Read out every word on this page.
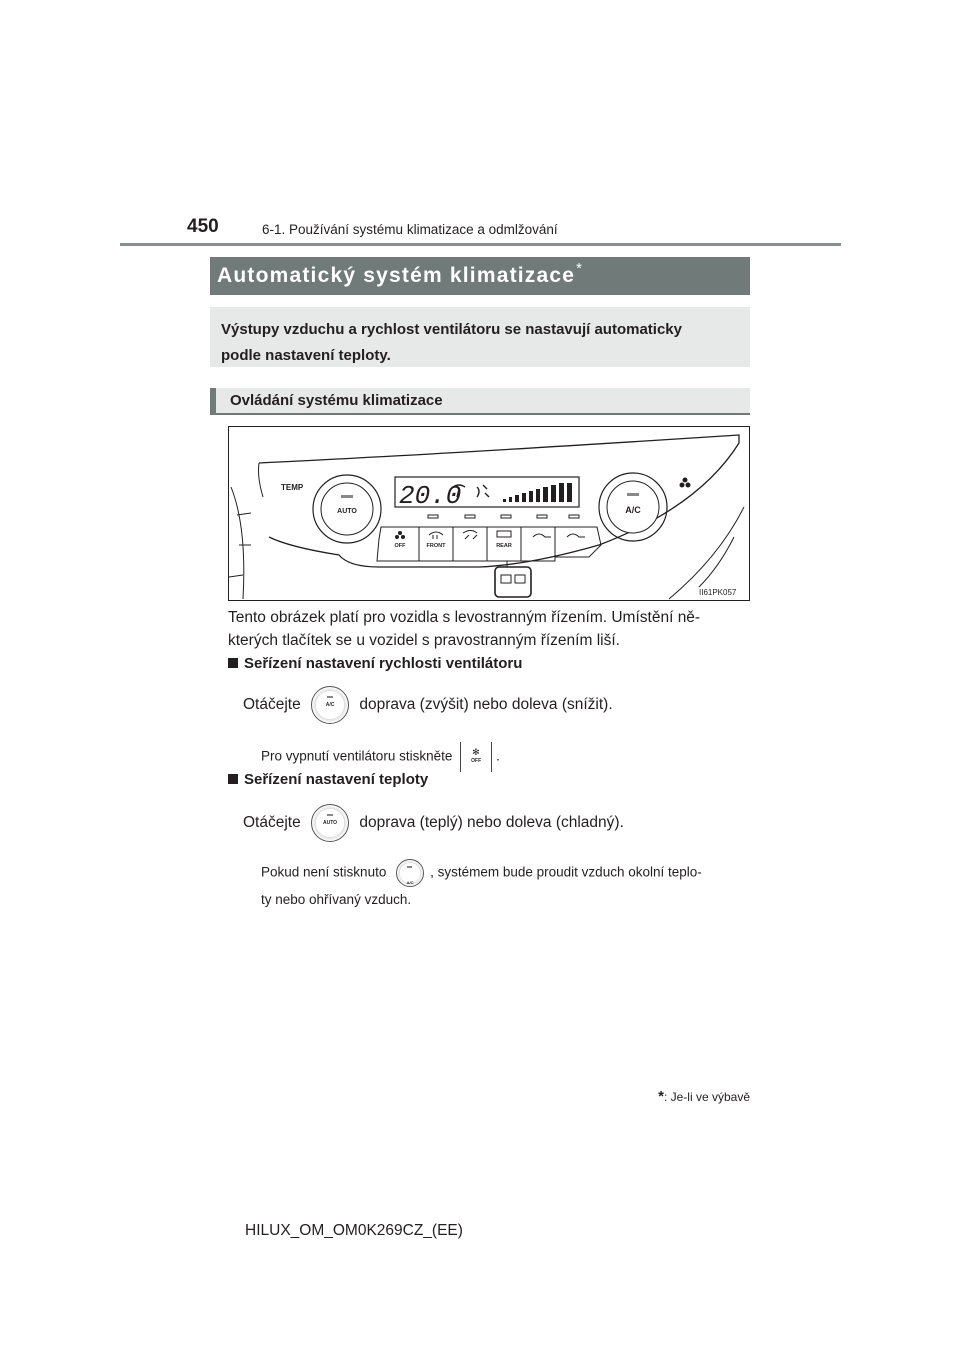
450	6-1. Používání systému klimatizace a odmlžování
Automatický systém klimatizace*
Výstupy vzduchu a rychlost ventilátoru se nastavují automaticky
podle nastavení teploty.
Ovládání systému klimatizace
TEMP
AUTO
20.0	A/C
OFF	FRONT	REAR
II61PK057
Tento obrázek platí pro vozidla s levostranným řízením. Umístění ně-
kterých tlačítek se u vozidel s pravostranným řízením liší.
Seřízení nastavení rychlosti ventilátoru
Otáčejte	A/C	doprava (zvýšit) nebo doleva (snížit).
Pro vypnutí ventilátoru stiskněte ✻
OFF	.
Seřízení nastavení teploty
Otáčejte	AUTO	doprava (teplý) nebo doleva (chladný).
Pokud není stisknuto
A/C
, systémem bude proudit vzduch okolní teplo-
ty nebo ohřívaný vzduch.
*: Je-li ve výbavě
HILUX_OM_OM0K269CZ_(EE)
